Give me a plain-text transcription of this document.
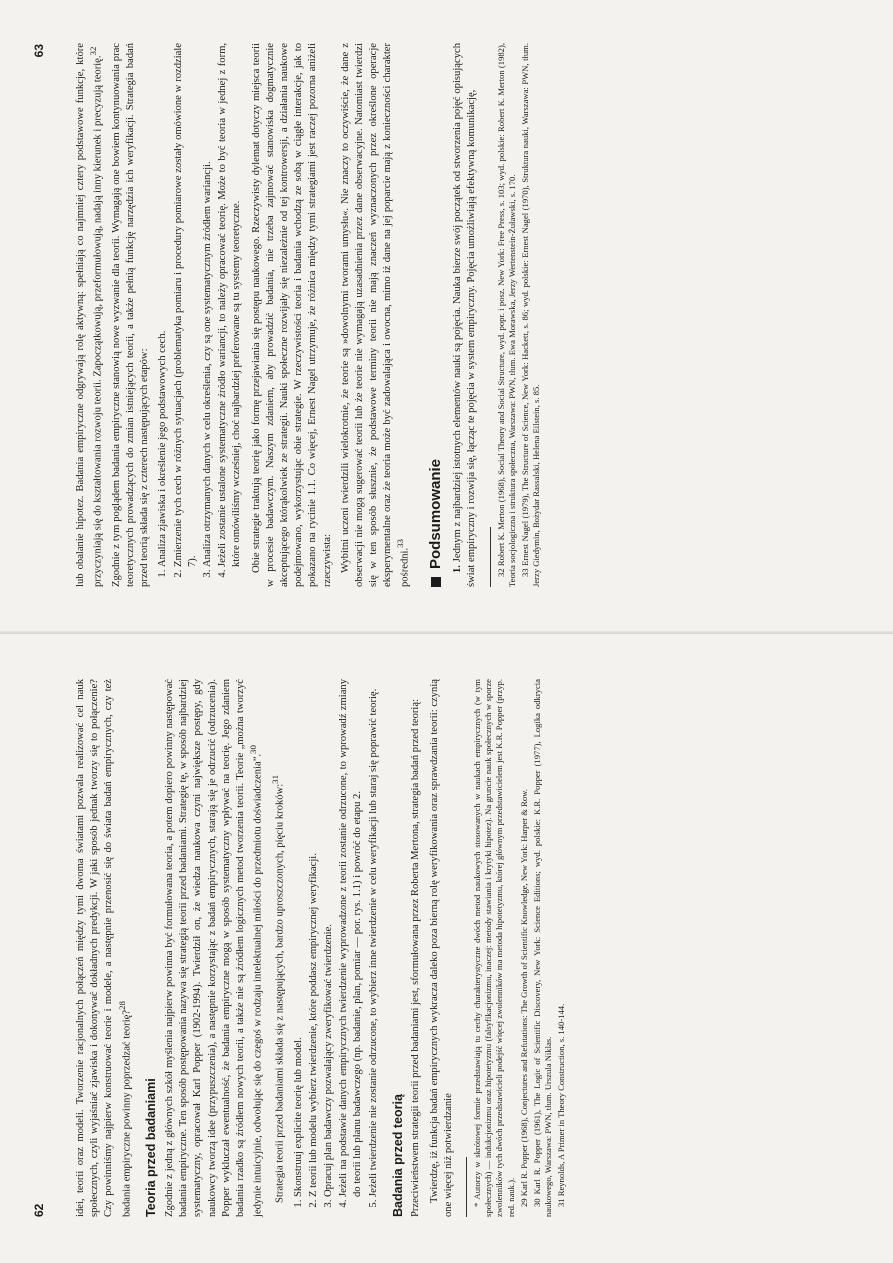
62	idei, teorii oraz modeli. Tworzenie racjonalnych połączeń między tymi dwoma światami pozwala realizować cel nauk społecznych, czyli wyjaśniać zjawiska i dokonywać dokładnych predykcji. W jaki sposób jednak tworzy się to połączenie? Czy powinniśmy najpierw konstruować teorie i modele, a następnie przenosić się do świata badań empirycznych, czy też badania empiryczne powinny poprzedzać teorię?$^{28}$

Teoria przed badaniami Zgodnie z jedną z głównych szkół myślenia najpierw powinna być formułowana teoria, a potem dopiero powinny następować badania empiryczne. Ten sposób postępowania nazywa się strategią teorii przed badaniami. Strategię tę, w sposób najbardziej systematyczny, opracował Karl Popper (1902-1994). Twierdził on, że wiedza naukowa czyni największe postępy, gdy naukowcy tworzą idee (przypuszczenia), a następnie korzystając z badań empirycznych, starają się je odrzucić (odrzucenia). Popper wykluczał ewentualność, że badania empiryczne mogą w sposób systematyczny wpływać na teorię. Jego zdaniem badania rzadko są źródłem nowych teorii, a także nie są źródłem logicznych metod tworzenia teorii. Teorie „można tworzyć jedynie intuicyjnie, odwołując się do czegoś w rodzaju intelektualnej miłości do przedmiotu doświadczenia”.$^{30}$

Strategia teorii przed badaniami składa się z następujących, bardzo uproszczonych, pięciu kroków:$^{31}$

1. Skonstruuj explicite teorię lub model. 2. Z teorii lub modelu wybierz twierdzenie, które poddasz empirycznej weryfikacji. 3. Opracuj plan badawczy pozwalający zweryfikować twierdzenie. 4. Jeżeli na podstawie danych empirycznych twierdzenie wyprowadzone z teorii zostanie odrzucone, to wprowadź zmiany do teorii lub planu badawczego (np. badanie, plan, pomiar — por. rys. 1.1) i powróć do etapu 2. 5. Jeżeli twierdzenie nie zostanie odrzucone, to wybierz inne twierdzenie w celu weryfikacji lub staraj się poprawić teorię. Badania przed teorią Przeciwieństwem strategii teorii przed badaniami jest, sformułowana przez Roberta Mertona, strategia badań przed teorią: Twierdzę, iż funkcja badań empirycznych wykracza daleko poza bierną rolę weryfikowania oraz sprawdzania teorii: czynią one więcej niż potwierdzanie * Autorzy w skrótowej formie przedstawiają tu cechy charakterystyczne dwóch metod naukowych stosowanych w naukach empirycznych (w tym społecznych) — indukcjonizmu oraz hipotetyzmu (falsyfikacjonizmu, inaczej: metody stawiania i krytyki hipotez). Na gruncie nauk społecznych w sporze zwolenników tych dwóch przedstawicieli podejść więcej zwolenników ma metoda hipotetyzmu, której głównym przedstawicielem jest K.R. Popper (przyp. red. nauk.). 29 Karl R. Popper (1968), Conjectures and Refutations: The Growth of Scientific Knowledge, New York: Harper & Row. 30 Karl R. Popper (1961), The Logic of Scientific Discovery, New York: Science Editions; wyd. polskie: K.R. Popper (1977), Logika odkrycia naukowego, Warszawa: PWN, tłum. Urszula Niklas. 31 Reynolds, A Primer in Theory Construction, s. 140-144.

63	lub obalanie hipotez. Badania empiryczne odgrywają rolę aktywną: spełniają co najmniej cztery podstawowe funkcje, które przyczyniają się do kształtowania rozwoju teorii. Zapoczątkowują, przeformułowują, nadają inny kierunek i precyzują teorię.$^{32}$	Zgodnie z tym poglądem badania empiryczne stanowią nowe wyzwanie dla teorii. Wymagają one bowiem kontynuowania prac teoretycznych prowadzących do zmian istniejących teorii, a także pełnią funkcję narzędzia ich weryfikacji. Strategia badań przed teorią składa się z czterech następujących etapów: 1. Analiza zjawiska i określenie jego podstawowych cech. 2. Zmierzenie tych cech w różnych sytuacjach (problematyka pomiaru i procedury pomiarowe zostały omówione w rozdziale 7). 3. Analiza otrzymanych danych w celu określenia, czy są one systematycznym źródłem wariancji. 4. Jeżeli zostanie ustalone systematyczne źródło wariancji, to należy opracować teorię. Może to być teoria w jednej z form, które omówiliśmy wcześniej, choć najbardziej preferowane są tu systemy teoretyczne. Obie strategie traktują teorię jako formę przejawiania się postępu naukowego. Rzeczywisty dylemat dotyczy miejsca teorii w procesie badawczym. Naszym zdaniem, aby prowadzić badania, nie trzeba zajmować stanowiska dogmatycznie akceptującego którąkolwiek ze strategii. Nauki społeczne rozwijały się niezależnie od tej kontrowersji, a działania naukowe podejmowano, wykorzystując obie strategie. W rzeczywistości teoria i badania wchodzą ze sobą w ciągłe interakcje, jak to pokazano na rycinie 1.1. Co więcej, Ernest Nagel utrzymuje, że różnica między tymi strategiami jest raczej pozorna aniżeli rzeczywista: Wybitni uczeni twierdzili wielokrotnie, że teorie są »dowolnymi tworami umysłu«. Nie znaczy to oczywiście, że dane z obserwacji nie mogą sugerować teorii lub że teorie nie wymagają uzasadnienia przez dane obserwacyjne. Natomiast twierdzi się w ten sposób słusznie, że podstawowe terminy teorii nie mają znaczeń wyznaczonych przez określone operacje eksperymentalne oraz że teoria może być zadowalająca i owocna, mimo iż dane na jej poparcie mają z konieczności charakter pośredni.$^{33}$	Podsumowanie

1. Jednym z najbardziej istotnych elementów nauki są pojęcia. Nauka bierze swój początek od stworzenia pojęć opisujących świat empiryczny i rozwija się, łącząc te pojęcia w system empiryczny. Pojęcia umożliwiają efektywną komunikację, 32 Robert K. Merton (1968), Social Theory and Social Structure, wyd. popr. i posz. New York: Free Press, s. 103; wyd. polskie: Robert K. Merton (1982), Teoria socjologiczna i struktura społeczna, Warszawa: PWN, tłum. Ewa Morawska, Jerzy Wertenstein-Żuławski, s. 170. 33 Ernest Nagel (1979), The Structure of Science, New York: Hackett, s. 86; wyd. polskie: Ernest Nagel (1970), Struktura nauki, Warszawa: PWN, tłum. Jerzy Giedymin, Bożydar Rassalski, Helena Eilstein, s. 85.
